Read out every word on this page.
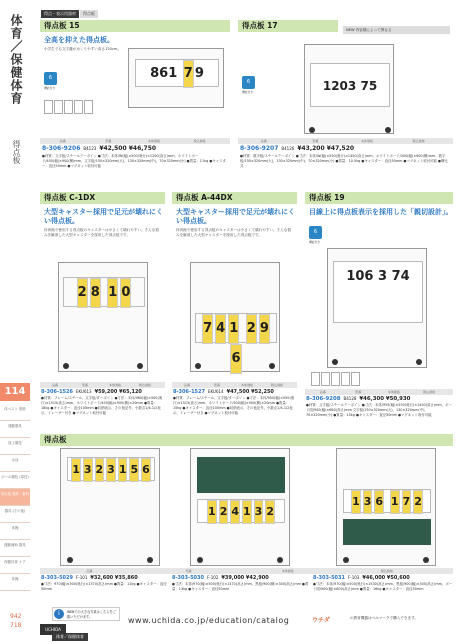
体育／保健体育
得点板
114
体ベスト 規格
運動器具
陸上競技
水泳
ボール競技 (球技)
得点板 器具・審判
器具 (その他)
体操
運動補助 器具
保健体育 ケア
体操
942
718
得点・表示用器材 得点板
得点板 15
全高を抑えた得点板。
小学生でも文字盤がめくりやすい高さ120cm。
6
機能付き
861 7 9
品番	型番	本体価格	税込価格
8-306-9206 B4123 ¥42,500 ¥46,750
●材質：文字板/スチールテーポイン ●寸法：本体/W(幅)×500(奥行)×1200(高さ)mm、ホワイトボード/450(幅)×900(横)mm、文字板/150×320mm(大)、130×320mm(中)、70×320mm(小) ●質量：11kg ●キャスター：直径50mm ●マグネット取付可能
得点板 17
6
機能付き	1203 75
品番	型番	本体価格	税込価格
8-306-9207 B4126 ¥43,200 ¥47,520
●材質：数字板/スチールテーポイン ●寸法：本体/W(幅)×550(奥行)×1450(高さ)mm、ホワイトボード/300(幅)×900(横)mm、数字板/150×320mm(大)、130×320mm(中)、70×320mm(小) ●質量：10.5kg ●キャスター：直径50mm ●マグネット取付可能 ●横比式
NEW 内容積によって異なる
得点板 C-1DX
大型キャスター採用で足元が壊れにくい得点板。
体育館で使用する得点板のキャスターは小さくて壊れやすい。そんな悩みを解消した大型キャスターを採用した得点板です。
2 8 1 0
品番	型番	本体価格	税込価格
8-306-1526 EKU613 ¥59,200 ¥65,120
●材質：フレーム/スチール、文字板/ターポリン ●寸法：本体/980(幅)×500(奥行)×1515(高さ)mm、ホワイトボード/450(幅)×900(横)×20mm ●質量：18kg ●キャスター：直径100mm ●収納表示、その他記号、小数点1/4-1/2表示、イレーザー付き ●マグネット取付可能
得点板 A-44DX
大型キャスター採用で足元が壊れにくい得点板。
体育館で使用する得点板のキャスターは小さくて壊れやすい。そんな悩みを解消した大型キャスターを採用した得点板です。
7 4 1 2 96
品番	型番	本体価格	税込価格
8-306-1527 EKU614 ¥47,500 ¥52,250
●材質：フレーム/スチール、文字板/ターポリン ●寸法：本体/950(幅)×550(奥行)×1515(高さ)mm、ホワイトボード/300(幅)×900(横)×20mm ●質量：15kg ●キャスター：直径100mm ●収納表示、その他記号、小数点1/4-1/2表示、イレーザー付き ●マグネット取付可能
得点板 19
目線上に得点板表示を採用した「親切設計」。
6
機能付き
106 3 74
品番	型番	本体価格	税込価格
8-306-9208 B4128 ¥46,300 ¥50,930
●材質：文字板/スチールテーポイン ●寸法：本体/955(幅)×550(奥行)×1450(高さ)mm、ボード面/900(幅)×660(高さ)mm 文字板/150×320mm(大)、130×320mm(中)、70×320mm(小) ●質量：15kg ●キャスター：直径50mm ●マグネット取付可能
得点板
1 3 2 3 1 5 6
1 2 4 1 3 2
1 3 6 1 7 2
品番	型番	本体価格	税込価格
8-303-5029 F-101 ¥32,600 ¥35,860
●寸法：970(幅)×500(奥行)×1370(高さ)mm ●質量：11kg ●キャスター：直径50mm
8-303-5030 F-102 ¥39,000 ¥42,900
●寸法：本体/970(幅)×500(奥行)×1370(高さ)mm、黒板/900(横)×300(高さ)mm ●質量：13kg ●キャスター：直径50mm
8-303-5031 F-103 ¥46,000 ¥50,600
●寸法：本体/970(幅)×500(奥行)×1530(高さ)mm、黒板/900(幅)×300(高さ)mm、ボード面/900(幅)×600(高さ)mm ●質量：16kg ●キャスター：直径50mm
i	WEBでの大きな写真はこちらをご覧いただけます。
UCHIDA
www.uchida.co.jp/education/catalog	ウチダ	の教育機器はベルマークで購入できます。
体育／保健体育
